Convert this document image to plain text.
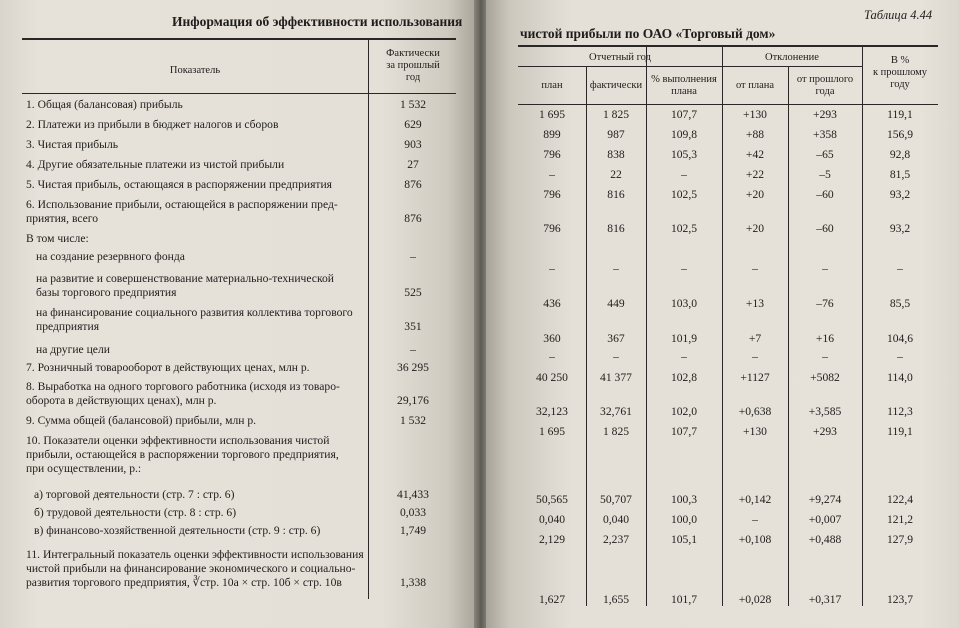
Информация об эффективности использования
Показатель
Фактически
за прошлый
год
1. Общая (балансовая) прибыль	1 532
2. Платежи из прибыли в бюджет налогов и сборов	629
3. Чистая прибыль	903
4. Другие обязательные платежи из чистой прибыли	27
5. Чистая прибыль, остающаяся в распоряжении предприятия	876
6. Использование прибыли, остающейся в распоряжении пред-
приятия, всего	876
В том числе:
на создание резервного фонда	–
на развитие и совершенствование материально-технической
базы торгового предприятия	525
на финансирование социального развития коллектива торгового
предприятия	351
на другие цели	–
7. Розничный товарооборот в действующих ценах, млн р.	36 295
8. Выработка на одного торгового работника (исходя из товаро-
оборота в действующих ценах), млн р.	29,176
9. Сумма общей (балансовой) прибыли, млн р.	1 532
10. Показатели оценки эффективности использования чистой
прибыли, остающейся в распоряжении торгового предприятия,
при осуществлении, р.:
а) торговой деятельности (стр. 7 : стр. 6)	41,433
б) трудовой деятельности (стр. 8 : стр. 6)	0,033
в) финансово-хозяйственной деятельности (стр. 9 : стр. 6)	1,749
11. Интегральный показатель оценки эффективности использования
чистой прибыли на финансирование экономического и социально-
развития торгового предприятия, ∛стр. 10а × стр. 10б × стр. 10в	1,338
Таблица 4.44
чистой прибыли по ОАО «Торговый дом»
Отчетный год	Отклонение	В %
к прошлому
году
план	фактически
% выполнения
плана
от плана
от прошлого
года
1 695	1 825	107,7	+130	+293	119,1
899	987	109,8	+88	+358	156,9
796	838	105,3	+42	–65	92,8
–	22	–	+22	–5	81,5
796	816	102,5	+20	–60	93,2
796	816	102,5	+20	–60	93,2
–	–	–	–	–	–
436	449	103,0	+13	–76	85,5
360	367	101,9	+7	+16	104,6
–	–	–	–	–	–
40 250	41 377	102,8	+1127	+5082	114,0
32,123	32,761	102,0	+0,638	+3,585	112,3
1 695	1 825	107,7	+130	+293	119,1
50,565	50,707	100,3	+0,142	+9,274	122,4
0,040	0,040	100,0	–	+0,007	121,2
2,129	2,237	105,1	+0,108	+0,488	127,9
1,627	1,655	101,7	+0,028	+0,317	123,7
